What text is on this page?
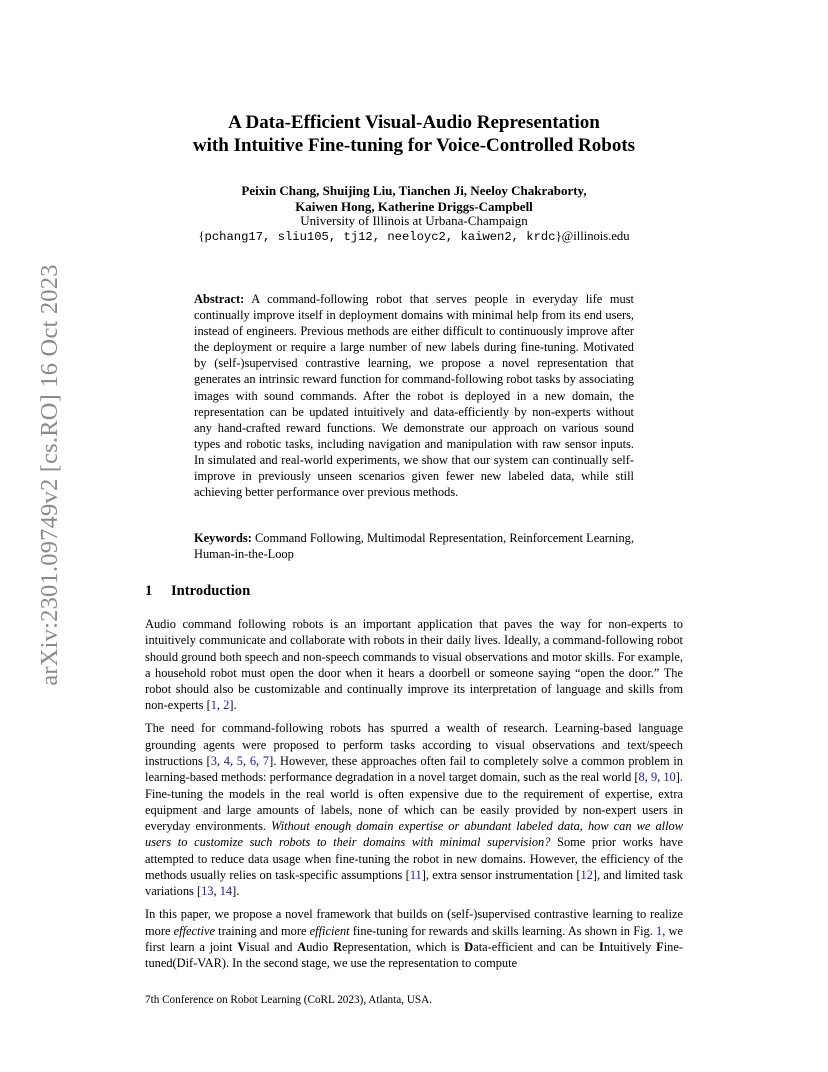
arXiv:2301.09749v2 [cs.RO] 16 Oct 2023
A Data-Efficient Visual-Audio Representation
with Intuitive Fine-tuning for Voice-Controlled Robots
Peixin Chang, Shuijing Liu, Tianchen Ji, Neeloy Chakraborty,
Kaiwen Hong, Katherine Driggs-Campbell
University of Illinois at Urbana-Champaign
{pchang17, sliu105, tj12, neeloyc2, kaiwen2, krdc}@illinois.edu
Abstract: A command-following robot that serves people in everyday life must continually improve itself in deployment domains with minimal help from its end users, instead of engineers. Previous methods are either difficult to continuously improve after the deployment or require a large number of new labels during fine-tuning. Motivated by (self-)supervised contrastive learning, we propose a novel representation that generates an intrinsic reward function for command-following robot tasks by associating images with sound commands. After the robot is deployed in a new domain, the representation can be updated intuitively and data-efficiently by non-experts without any hand-crafted reward functions. We demonstrate our approach on various sound types and robotic tasks, including navigation and manipulation with raw sensor inputs. In simulated and real-world experiments, we show that our system can continually self-improve in previously unseen scenarios given fewer new labeled data, while still achieving better performance over previous methods.
Keywords: Command Following, Multimodal Representation, Reinforcement Learning, Human-in-the-Loop
1 Introduction

Audio command following robots is an important application that paves the way for non-experts to intuitively communicate and collaborate with robots in their daily lives. Ideally, a command-following robot should ground both speech and non-speech commands to visual observations and motor skills. For example, a household robot must open the door when it hears a doorbell or someone saying “open the door.” The robot should also be customizable and continually improve its interpretation of language and skills from non-experts [1, 2].

The need for command-following robots has spurred a wealth of research. Learning-based language grounding agents were proposed to perform tasks according to visual observations and text/speech instructions [3, 4, 5, 6, 7]. However, these approaches often fail to completely solve a common problem in learning-based methods: performance degradation in a novel target domain, such as the real world [8, 9, 10]. Fine-tuning the models in the real world is often expensive due to the requirement of expertise, extra equipment and large amounts of labels, none of which can be easily provided by non-expert users in everyday environments. Without enough domain expertise or abundant labeled data, how can we allow users to customize such robots to their domains with minimal supervision? Some prior works have attempted to reduce data usage when fine-tuning the robot in new domains. However, the efficiency of the methods usually relies on task-specific assumptions [11], extra sensor instrumentation [12], and limited task variations [13, 14].

In this paper, we propose a novel framework that builds on (self-)supervised contrastive learning to realize more effective training and more efficient fine-tuning for rewards and skills learning. As shown in Fig. 1, we first learn a joint Visual and Audio Representation, which is Data-efficient and can be Intuitively Fine-tuned(Dif-VAR). In the second stage, we use the representation to compute

7th Conference on Robot Learning (CoRL 2023), Atlanta, USA.
